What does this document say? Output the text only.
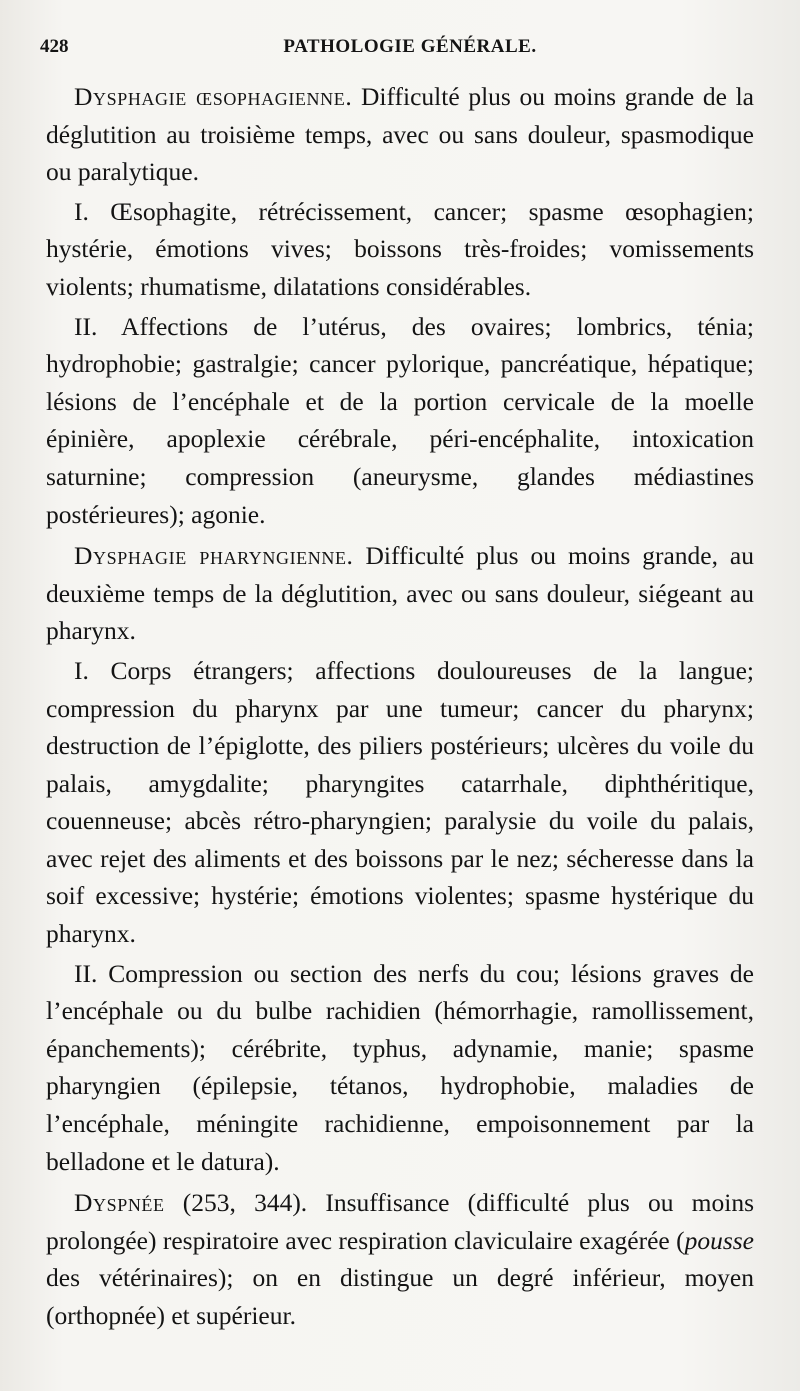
428	PATHOLOGIE GÉNÉRALE.

Dysphagie œsophagienne. Difficulté plus ou moins grande de la déglutition au troisième temps, avec ou sans douleur, spasmodique ou paralytique.

I. Œsophagite, rétrécissement, cancer; spasme œsophagien; hystérie, émotions vives; boissons très-froides; vomissements violents; rhumatisme, dilatations considérables.

II. Affections de l’utérus, des ovaires; lombrics, ténia; hydrophobie; gastralgie; cancer pylorique, pancréatique, hépatique; lésions de l’encéphale et de la portion cervicale de la moelle épinière, apoplexie cérébrale, péri-encéphalite, intoxication saturnine; compression (aneurysme, glandes médiastines postérieures); agonie.

Dysphagie pharyngienne. Difficulté plus ou moins grande, au deuxième temps de la déglutition, avec ou sans douleur, siégeant au pharynx.

I. Corps étrangers; affections douloureuses de la langue; compression du pharynx par une tumeur; cancer du pharynx; destruction de l’épiglotte, des piliers postérieurs; ulcères du voile du palais, amygdalite; pharyngites catarrhale, diphthéritique, couenneuse; abcès rétro-pharyngien; paralysie du voile du palais, avec rejet des aliments et des boissons par le nez; sécheresse dans la soif excessive; hystérie; émotions violentes; spasme hystérique du pharynx.

II. Compression ou section des nerfs du cou; lésions graves de l’encéphale ou du bulbe rachidien (hémorrhagie, ramollissement, épanchements); cérébrite, typhus, adynamie, manie; spasme pharyngien (épilepsie, tétanos, hydrophobie, maladies de l’encéphale, méningite rachidienne, empoisonnement par la belladone et le datura).

Dyspnée (253, 344). Insuffisance (difficulté plus ou moins prolongée) respiratoire avec respiration claviculaire exagérée (pousse des vétérinaires); on en distingue un degré inférieur, moyen (orthopnée) et supérieur.
